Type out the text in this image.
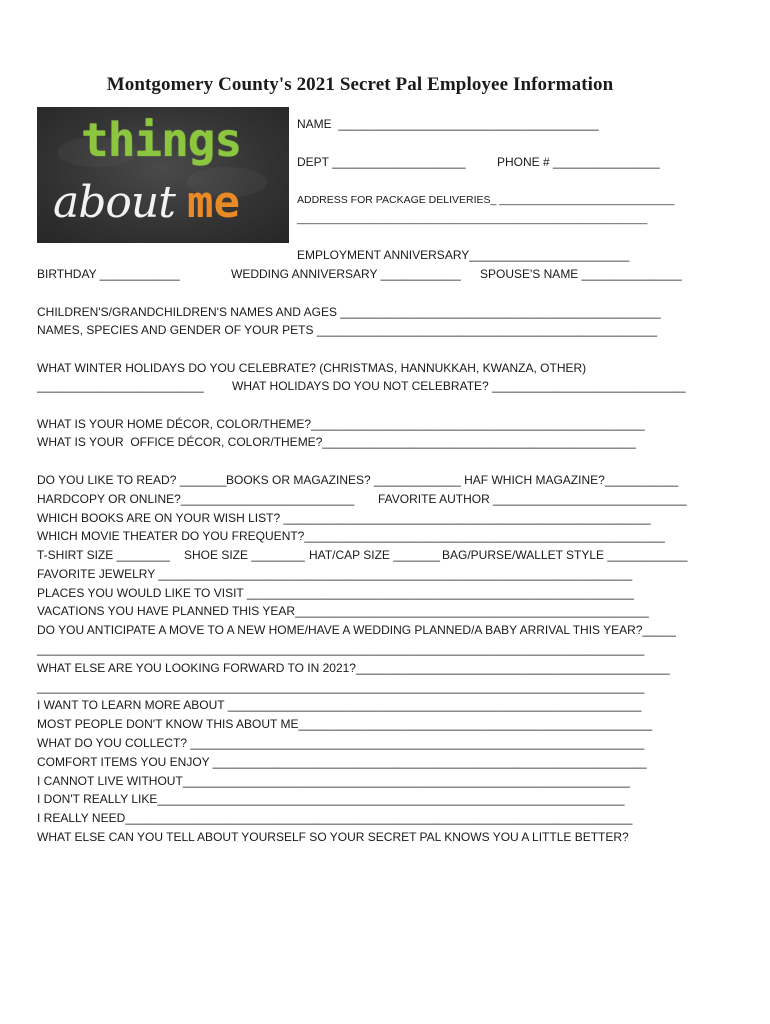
Montgomery County's 2021 Secret Pal Employee Information
things
about me
NAME  _______________________________________
DEPT ____________________	PHONE # ________________
ADDRESS FOR PACKAGE DELIVERIES_ ______________________________
____________________________________________________________
EMPLOYMENT ANNIVERSARY________________________
BIRTHDAY ____________	WEDDING ANNIVERSARY ____________ SPOUSE'S NAME _______________
CHILDREN'S/GRANDCHILDREN'S NAMES AND AGES ________________________________________________
NAMES, SPECIES AND GENDER OF YOUR PETS ___________________________________________________
WHAT WINTER HOLIDAYS DO YOU CELEBRATE? (CHRISTMAS, HANNUKKAH, KWANZA, OTHER)
_________________________ WHAT HOLIDAYS DO YOU NOT CELEBRATE? _____________________________
WHAT IS YOUR HOME DÉCOR, COLOR/THEME?__________________________________________________
WHAT IS YOUR  OFFICE DÉCOR, COLOR/THEME?_______________________________________________
DO YOU LIKE TO READ? _______ BOOKS OR MAGAZINES? _____________ HAF WHICH MAGAZINE?___________
HARDCOPY OR ONLINE?__________________________ FAVORITE AUTHOR _____________________________
WHICH BOOKS ARE ON YOUR WISH LIST? _______________________________________________________
WHICH MOVIE THEATER DO YOU FREQUENT?______________________________________________________
T-SHIRT SIZE ________ SHOE SIZE ________ HAT/CAP SIZE _______ BAG/PURSE/WALLET STYLE ____________
FAVORITE JEWELRY _______________________________________________________________________
PLACES YOU WOULD LIKE TO VISIT __________________________________________________________
VACATIONS YOU HAVE PLANNED THIS YEAR_____________________________________________________
DO YOU ANTICIPATE A MOVE TO A NEW HOME/HAVE A WEDDING PLANNED/A BABY ARRIVAL THIS YEAR?_____
___________________________________________________________________________________________
WHAT ELSE ARE YOU LOOKING FORWARD TO IN 2021?_______________________________________________
___________________________________________________________________________________________
I WANT TO LEARN MORE ABOUT ______________________________________________________________
MOST PEOPLE DON'T KNOW THIS ABOUT ME_____________________________________________________
WHAT DO YOU COLLECT? ____________________________________________________________________
COMFORT ITEMS YOU ENJOY _________________________________________________________________
I CANNOT LIVE WITHOUT___________________________________________________________________
I DON'T REALLY LIKE______________________________________________________________________
I REALLY NEED____________________________________________________________________________
WHAT ELSE CAN YOU TELL ABOUT YOURSELF SO YOUR SECRET PAL KNOWS YOU A LITTLE BETTER?
